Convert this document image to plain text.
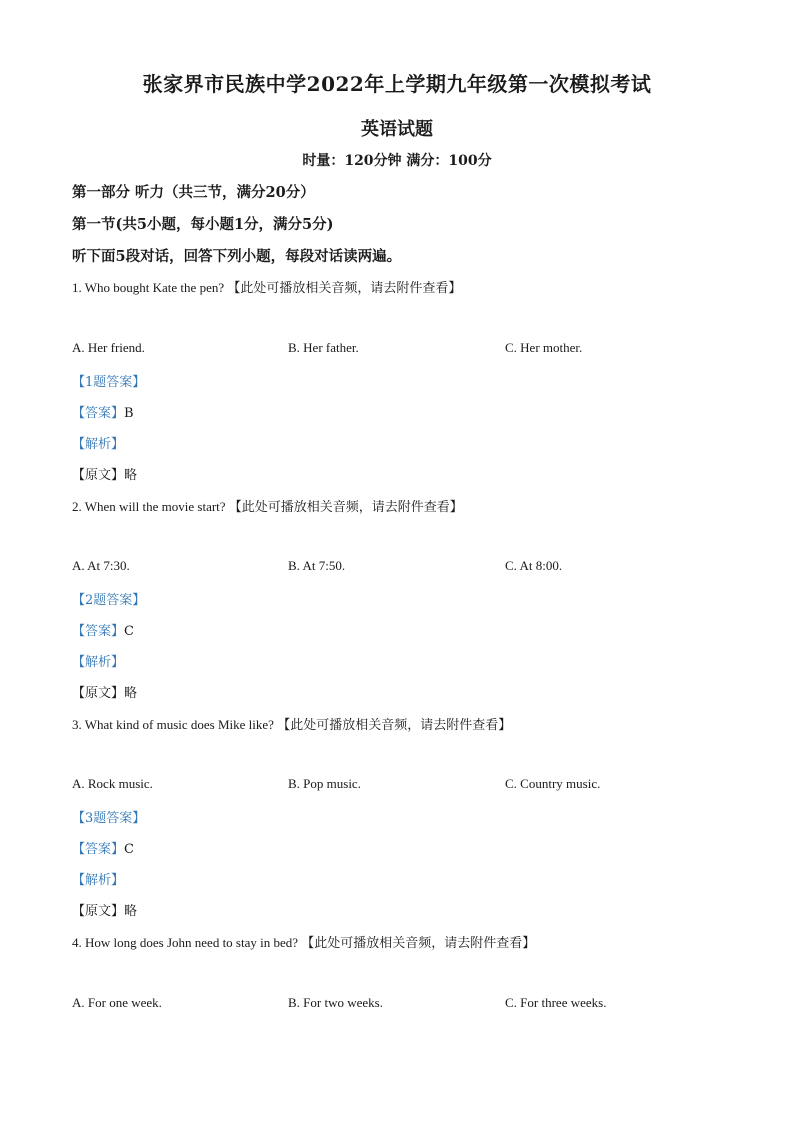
张家界市民族中学2022年上学期九年级第一次模拟考试
英语试题
时量：120分钟 满分：100分
第一部分 听力（共三节，满分20分）
第一节(共5小题，每小题1分，满分5分)
听下面5段对话，回答下列小题，每段对话读两遍。
1. Who bought Kate the pen? 【此处可播放相关音频，请去附件查看】
A. Her friend.	B. Her father.	C. Her mother.
【1题答案】
【答案】B
【解析】
【原文】略
2. When will the movie start? 【此处可播放相关音频，请去附件查看】
A. At 7:30.	B. At 7:50.	C. At 8:00.
【2题答案】
【答案】C
【解析】
【原文】略
3. What kind of music does Mike like? 【此处可播放相关音频，请去附件查看】
A. Rock music.	B. Pop music.	C. Country music.
【3题答案】
【答案】C
【解析】
【原文】略
4. How long does John need to stay in bed? 【此处可播放相关音频，请去附件查看】
A. For one week.	B. For two weeks.	C. For three weeks.
